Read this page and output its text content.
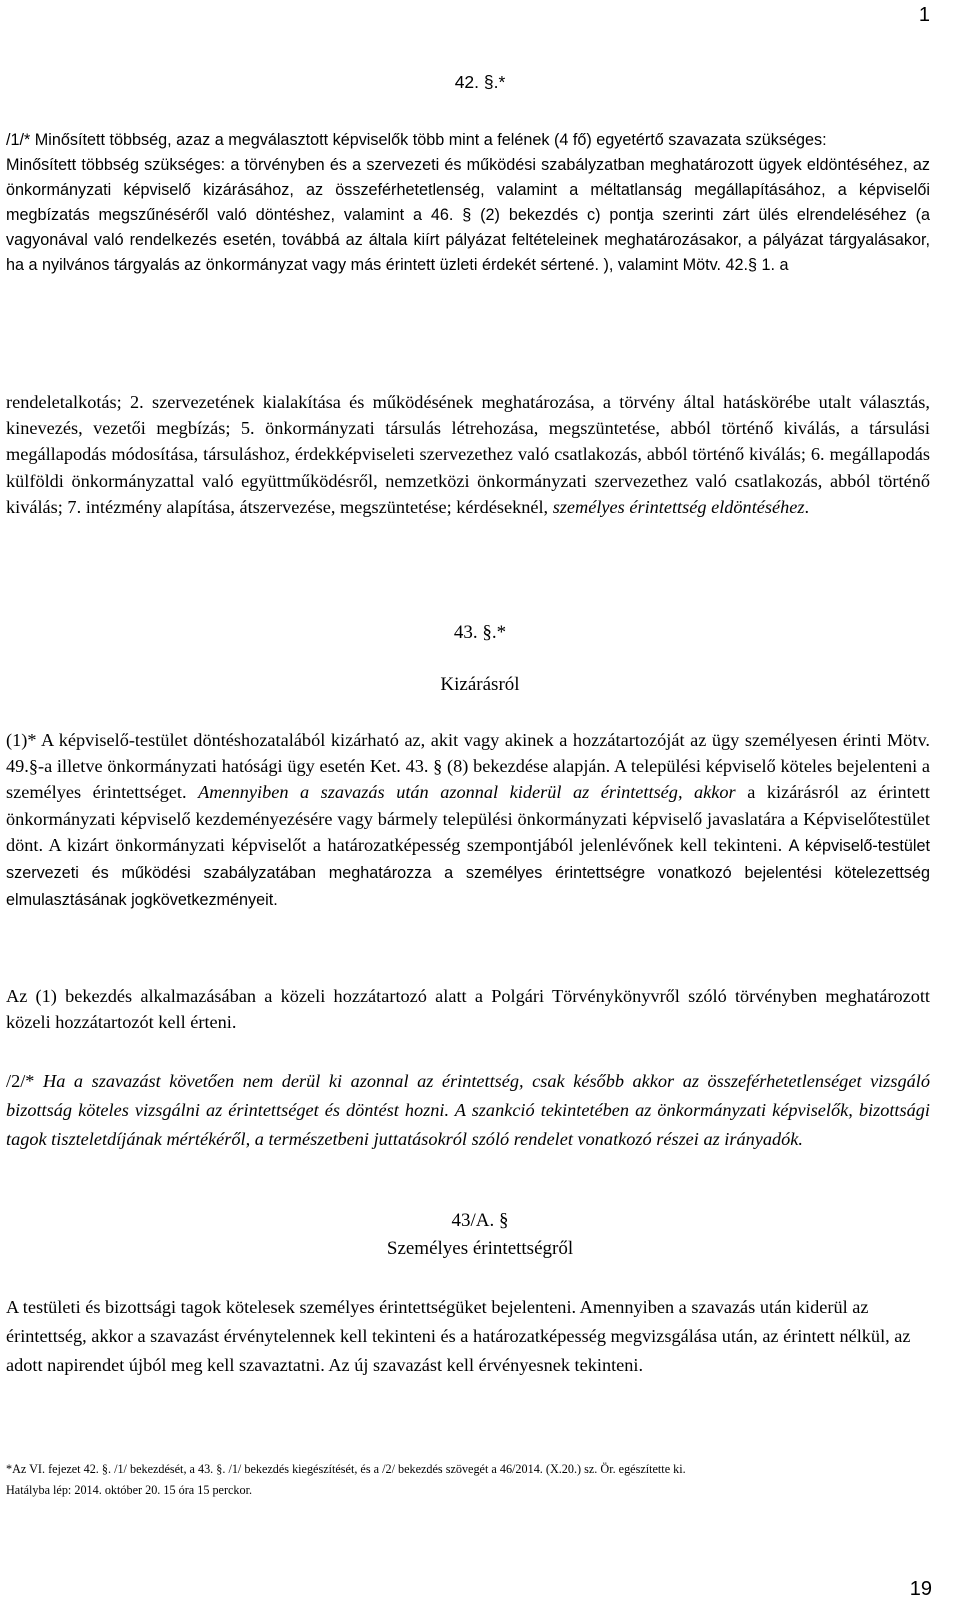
1
42. §.*

/1/* Minősített többség, azaz a megválasztott képviselők több mint a felének (4 fő) egyetértő szavazata szükséges:

Minősített többség szükséges: a törvényben és a szervezeti és működési szabályzatban meghatározott ügyek eldöntéséhez, az önkormányzati képviselő kizárásához, az összeférhetetlenség, valamint a méltatlanság megállapításához, a képviselői megbízatás megszűnéséről való döntéshez, valamint a 46. § (2) bekezdés c) pontja szerinti zárt ülés elrendeléséhez (a vagyonával való rendelkezés esetén, továbbá az általa kiírt pályázat feltételeinek meghatározásakor, a pályázat tárgyalásakor, ha a nyilvános tárgyalás az önkormányzat vagy más érintett üzleti érdekét sértené. ), valamint Mötv. 42.§ 1. a

rendeletalkotás; 2. szervezetének kialakítása és működésének meghatározása, a törvény által hatáskörébe utalt választás, kinevezés, vezetői megbízás; 5. önkormányzati társulás létrehozása, megszüntetése, abból történő kiválás, a társulási megállapodás módosítása, társuláshoz, érdekképviseleti szervezethez való csatlakozás, abból történő kiválás; 6. megállapodás külföldi önkormányzattal való együttműködésről, nemzetközi önkormányzati szervezethez való csatlakozás, abból történő kiválás; 7. intézmény alapítása, átszervezése, megszüntetése; kérdéseknél, személyes érintettség eldöntéséhez.

43. §.*
Kizárásról

(1)* A képviselő-testület döntéshozatalából kizárható az, akit vagy akinek a hozzátartozóját az ügy személyesen érinti Mötv. 49.§-a illetve önkormányzati hatósági ügy esetén Ket. 43. § (8) bekezdése alapján. A települési képviselő köteles bejelenteni a személyes érintettséget. Amennyiben a szavazás után azonnal kiderül az érintettség, akkor a kizárásról az érintett önkormányzati képviselő kezdeményezésére vagy bármely települési önkormányzati képviselő javaslatára a Képviselőtestület dönt. A kizárt önkormányzati képviselőt a határozatképesség szempontjából jelenlévőnek kell tekinteni. A képviselő-testület szervezeti és működési szabályzatában meghatározza a személyes érintettségre vonatkozó bejelentési kötelezettség elmulasztásának jogkövetkezményeit.

Az (1) bekezdés alkalmazásában a közeli hozzátartozó alatt a Polgári Törvénykönyvről szóló törvényben meghatározott közeli hozzátartozót kell érteni.

/2/* Ha a szavazást követően nem derül ki azonnal az érintettség, csak később akkor az összeférhetetlenséget vizsgáló bizottság köteles vizsgálni az érintettséget és döntést hozni. A szankció tekintetében az önkormányzati képviselők, bizottsági tagok tiszteletdíjának mértékéről, a természetbeni juttatásokról szóló rendelet vonatkozó részei az irányadók.

43/A. §
Személyes érintettségről

A testületi és bizottsági tagok kötelesek személyes érintettségüket bejelenteni. Amennyiben a szavazás után kiderül az érintettség, akkor a szavazást érvénytelennek kell tekinteni és a határozatképesség megvizsgálása után, az érintett nélkül, az adott napirendet újból meg kell szavaztatni. Az új szavazást kell érvényesnek tekinteni.

*Az VI. fejezet 42. §. /1/ bekezdését, a 43. §. /1/ bekezdés kiegészítését, és a /2/ bekezdés szövegét a 46/2014. (X.20.) sz. Ör. egészítette ki.
Hatályba lép: 2014. október 20. 15 óra 15 perckor.
19
